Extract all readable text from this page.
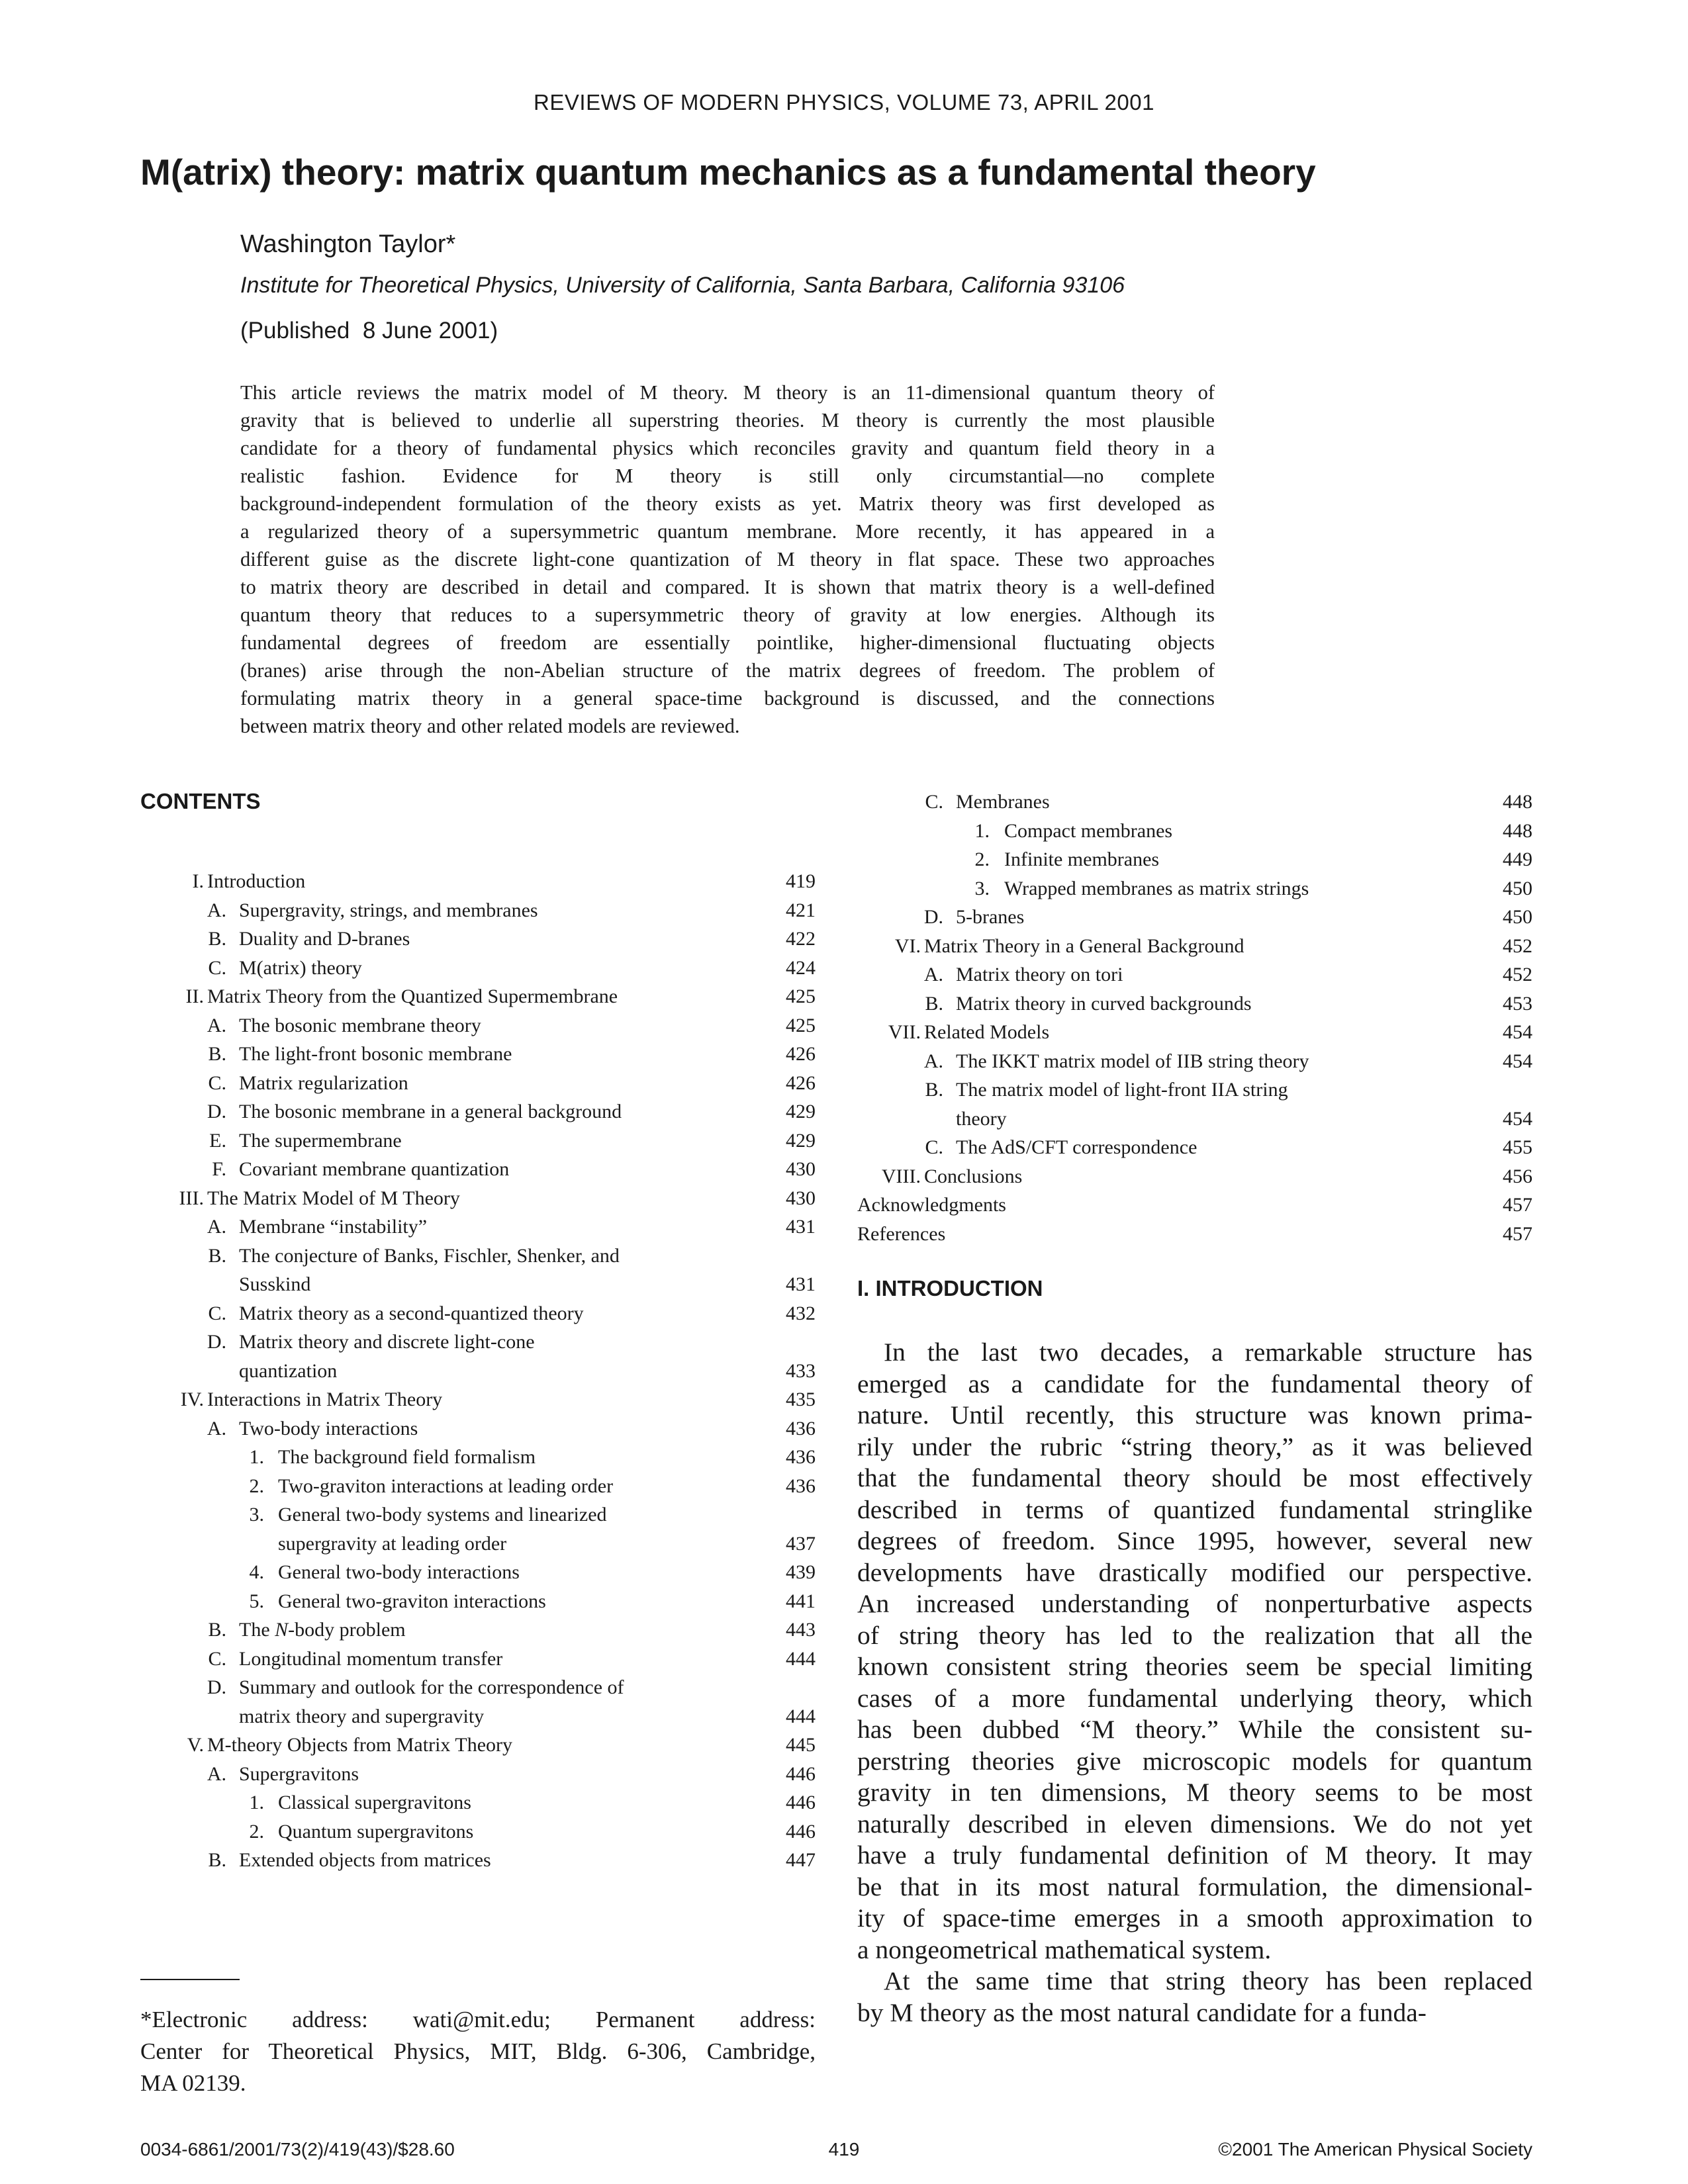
REVIEWS OF MODERN PHYSICS, VOLUME 73, APRIL 2001
M(atrix) theory: matrix quantum mechanics as a fundamental theory
Washington Taylor*
Institute for Theoretical Physics, University of California, Santa Barbara, California 93106
(Published  8 June 2001)
This article reviews the matrix model of M theory. M theory is an 11-dimensional quantum theory of
gravity that is believed to underlie all superstring theories. M theory is currently the most plausible
candidate for a theory of fundamental physics which reconciles gravity and quantum field theory in a
realistic fashion. Evidence for M theory is still only circumstantial—no complete
background-independent formulation of the theory exists as yet. Matrix theory was first developed as
a regularized theory of a supersymmetric quantum membrane. More recently, it has appeared in a
different guise as the discrete light-cone quantization of M theory in flat space. These two approaches
to matrix theory are described in detail and compared. It is shown that matrix theory is a well-defined
quantum theory that reduces to a supersymmetric theory of gravity at low energies. Although its
fundamental degrees of freedom are essentially pointlike, higher-dimensional fluctuating objects
(branes) arise through the non-Abelian structure of the matrix degrees of freedom. The problem of
formulating matrix theory in a general space-time background is discussed, and the connections
between matrix theory and other related models are reviewed.
CONTENTS
I. Introduction	419
A. Supergravity, strings, and membranes	421
B. Duality and D-branes	422
C. M(atrix) theory	424
II. Matrix Theory from the Quantized Supermembrane	425
A. The bosonic membrane theory	425
B. The light-front bosonic membrane	426
C. Matrix regularization	426
D. The bosonic membrane in a general background	429
E. The supermembrane	429
F. Covariant membrane quantization	430
III. The Matrix Model of M Theory	430
A. Membrane “instability”	431
B. The conjecture of Banks, Fischler, Shenker, and
Susskind	431
C. Matrix theory as a second-quantized theory	432
D. Matrix theory and discrete light-cone
quantization	433
IV. Interactions in Matrix Theory	435
A. Two-body interactions	436
1. The background field formalism	436
2. Two-graviton interactions at leading order	436
3. General two-body systems and linearized
supergravity at leading order	437
4. General two-body interactions	439
5. General two-graviton interactions	441
B. The N-body problem	443
C. Longitudinal momentum transfer	444
D. Summary and outlook for the correspondence of
matrix theory and supergravity	444
V. M-theory Objects from Matrix Theory	445
A. Supergravitons	446
1. Classical supergravitons	446
2. Quantum supergravitons	446
B. Extended objects from matrices	447
C. Membranes	448
1. Compact membranes	448
2. Infinite membranes	449
3. Wrapped membranes as matrix strings	450
D. 5-branes	450
VI. Matrix Theory in a General Background	452
A. Matrix theory on tori	452
B. Matrix theory in curved backgrounds	453
VII. Related Models	454
A. The IKKT matrix model of IIB string theory	454
B. The matrix model of light-front IIA string
theory	454
C. The AdS/CFT correspondence	455
VIII. Conclusions	456
Acknowledgments	457
References	457
*Electronic address: wati@mit.edu; Permanent address:
Center for Theoretical Physics, MIT, Bldg. 6-306, Cambridge,
MA 02139.
I. INTRODUCTION
In the last two decades, a remarkable structure has
emerged as a candidate for the fundamental theory of
nature. Until recently, this structure was known prima-
rily under the rubric “string theory,” as it was believed
that the fundamental theory should be most effectively
described in terms of quantized fundamental stringlike
degrees of freedom. Since 1995, however, several new
developments have drastically modified our perspective.
An increased understanding of nonperturbative aspects
of string theory has led to the realization that all the
known consistent string theories seem be special limiting
cases of a more fundamental underlying theory, which
has been dubbed “M theory.” While the consistent su-
perstring theories give microscopic models for quantum
gravity in ten dimensions, M theory seems to be most
naturally described in eleven dimensions. We do not yet
have a truly fundamental definition of M theory. It may
be that in its most natural formulation, the dimensional-
ity of space-time emerges in a smooth approximation to
a nongeometrical mathematical system.
At the same time that string theory has been replaced
by M theory as the most natural candidate for a funda-
0034-6861/2001/73(2)/419(43)/$28.60	419	©2001 The American Physical Society
